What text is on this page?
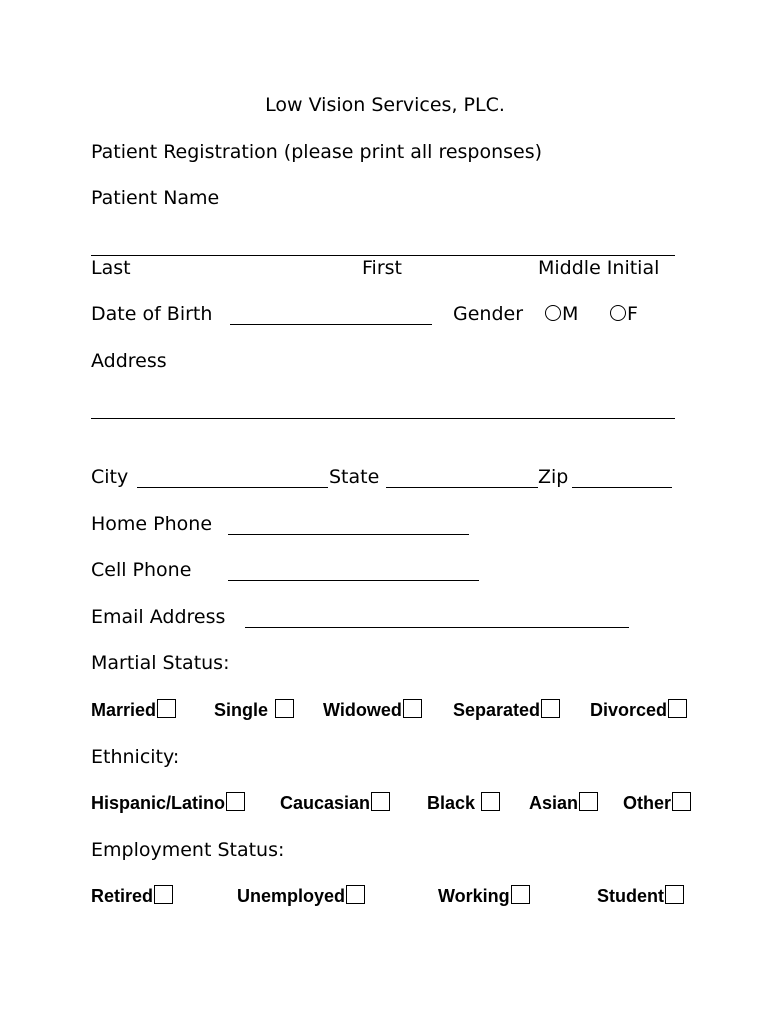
Low Vision Services, PLC.
Patient Registration (please print all responses)
Patient Name
Last	First	Middle Initial
Date of Birth	Gender	M	F
Address
City	State	Zip
Home Phone
Cell Phone
Email Address
Martial Status:
Married	Single	Widowed	Separated	Divorced
Ethnicity:
Hispanic/Latino	Caucasian	Black	Asian	Other
Employment Status:
Retired	Unemployed	Working	Student
